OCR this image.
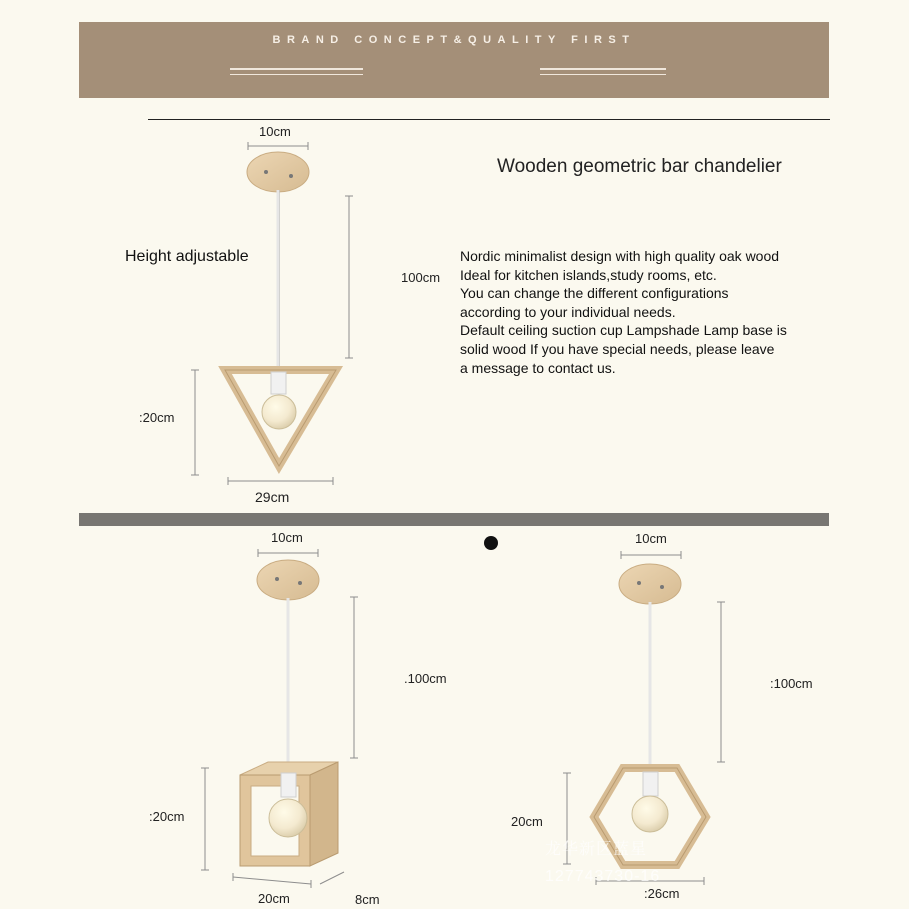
BRAND CONCEPT&QUALITY FIRST
Wooden geometric bar chandelier
Height adjustable	Nordic minimalist design with high quality oak wood
Ideal for kitchen islands,study rooms, etc.
You can change the different configurations
according to your individual needs.
Default ceiling suction cup Lampshade Lamp base is
solid wood If you have special needs, please leave
a message to contact us.
10cm
100cm
:20cm
29cm
10cm
.100cm
:20cm
20cm	8cm
10cm
:100cm
20cm
:26cm
龙华新区蓝星
127743730-16
